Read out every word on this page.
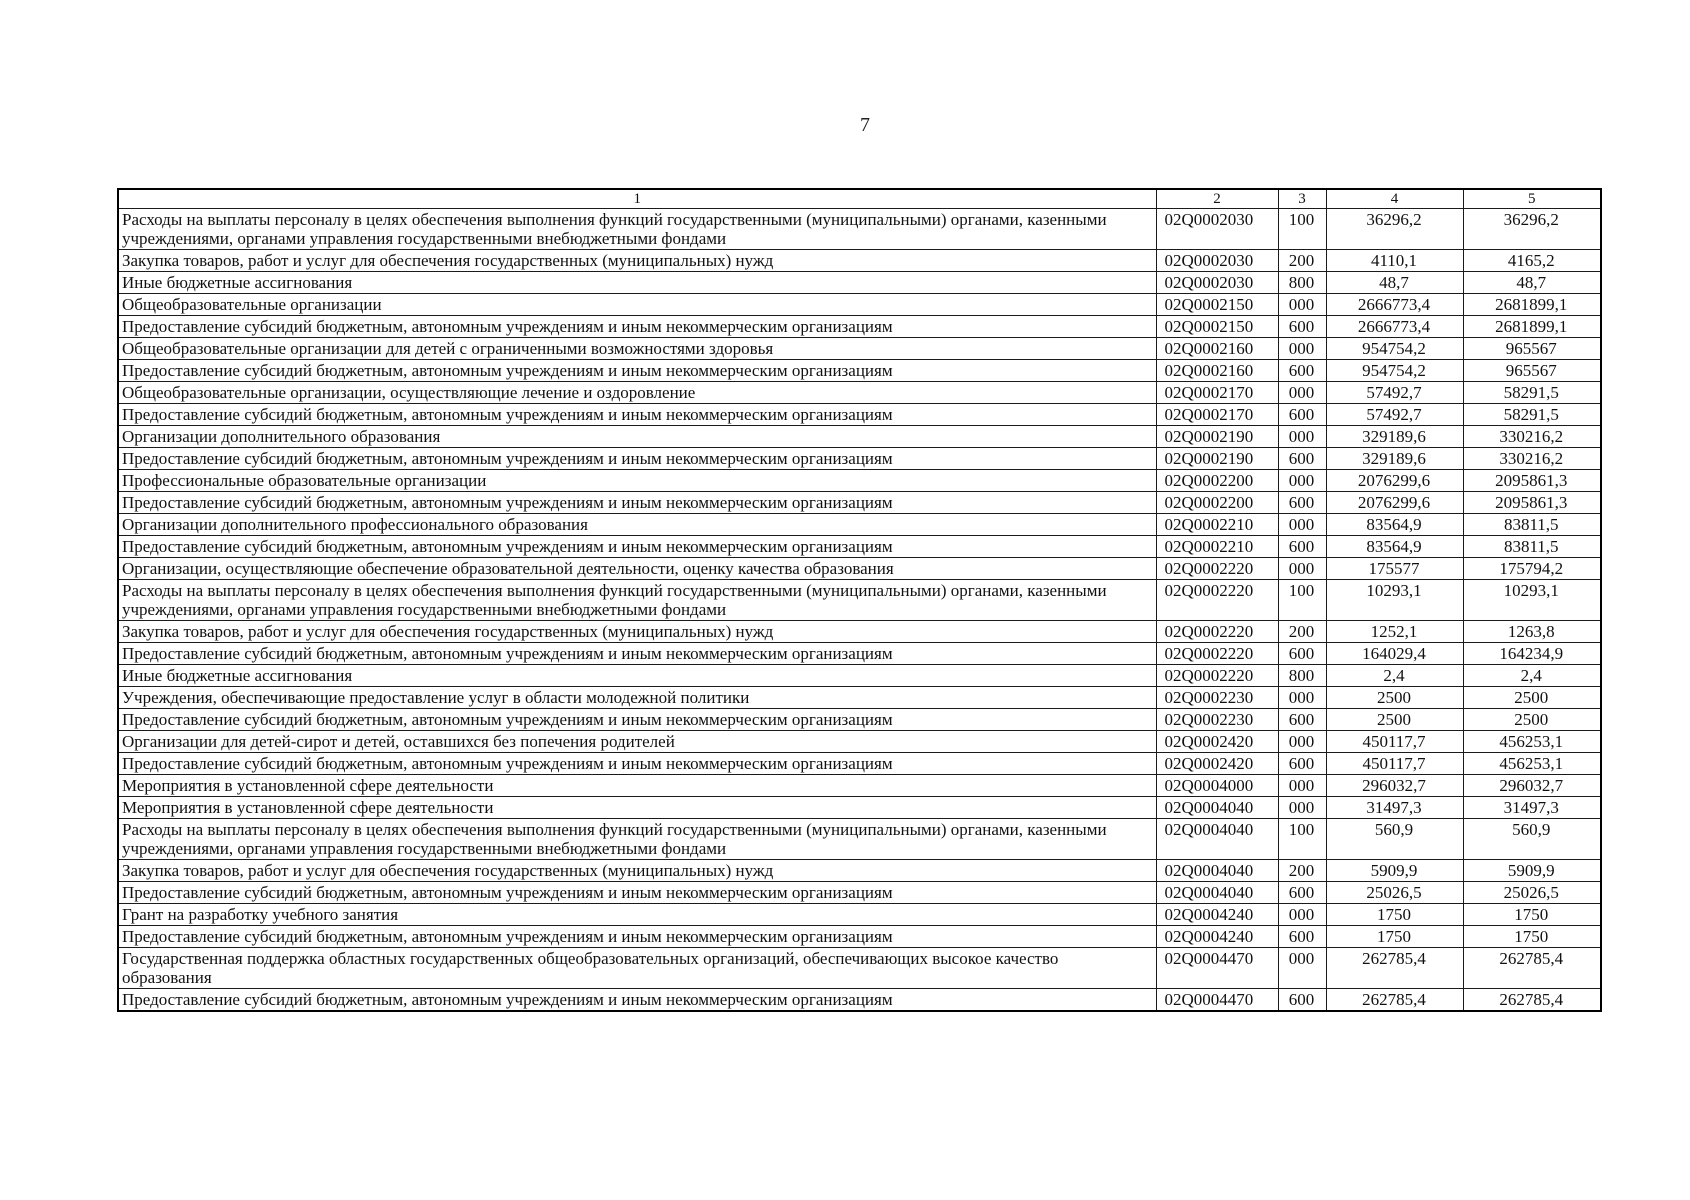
7
1	2	3	4	5
Расходы на выплаты персоналу в целях обеспечения выполнения функций государственными (муниципальными) органами, казенными учреждениями, органами управления государственными внебюджетными фондами	02Q0002030	100	36296,2	36296,2
Закупка товаров, работ и услуг для обеспечения государственных (муниципальных) нужд	02Q0002030	200	4110,1	4165,2
Иные бюджетные ассигнования	02Q0002030	800	48,7	48,7
Общеобразовательные организации	02Q0002150	000	2666773,4	2681899,1
Предоставление субсидий бюджетным, автономным учреждениям и иным некоммерческим организациям	02Q0002150	600	2666773,4	2681899,1
Общеобразовательные организации для детей с ограниченными возможностями здоровья	02Q0002160	000	954754,2	965567
Предоставление субсидий бюджетным, автономным учреждениям и иным некоммерческим организациям	02Q0002160	600	954754,2	965567
Общеобразовательные организации, осуществляющие лечение и оздоровление	02Q0002170	000	57492,7	58291,5
Предоставление субсидий бюджетным, автономным учреждениям и иным некоммерческим организациям	02Q0002170	600	57492,7	58291,5
Организации дополнительного образования	02Q0002190	000	329189,6	330216,2
Предоставление субсидий бюджетным, автономным учреждениям и иным некоммерческим организациям	02Q0002190	600	329189,6	330216,2
Профессиональные образовательные организации	02Q0002200	000	2076299,6	2095861,3
Предоставление субсидий бюджетным, автономным учреждениям и иным некоммерческим организациям	02Q0002200	600	2076299,6	2095861,3
Организации дополнительного профессионального образования	02Q0002210	000	83564,9	83811,5
Предоставление субсидий бюджетным, автономным учреждениям и иным некоммерческим организациям	02Q0002210	600	83564,9	83811,5
Организации, осуществляющие обеспечение образовательной деятельности, оценку качества образования	02Q0002220	000	175577	175794,2
Расходы на выплаты персоналу в целях обеспечения выполнения функций государственными (муниципальными) органами, казенными учреждениями, органами управления государственными внебюджетными фондами	02Q0002220	100	10293,1	10293,1
Закупка товаров, работ и услуг для обеспечения государственных (муниципальных) нужд	02Q0002220	200	1252,1	1263,8
Предоставление субсидий бюджетным, автономным учреждениям и иным некоммерческим организациям	02Q0002220	600	164029,4	164234,9
Иные бюджетные ассигнования	02Q0002220	800	2,4	2,4
Учреждения, обеспечивающие предоставление услуг в области молодежной политики	02Q0002230	000	2500	2500
Предоставление субсидий бюджетным, автономным учреждениям и иным некоммерческим организациям	02Q0002230	600	2500	2500
Организации для детей-сирот и детей, оставшихся без попечения родителей	02Q0002420	000	450117,7	456253,1
Предоставление субсидий бюджетным, автономным учреждениям и иным некоммерческим организациям	02Q0002420	600	450117,7	456253,1
Мероприятия в установленной сфере деятельности	02Q0004000	000	296032,7	296032,7
Мероприятия в установленной сфере деятельности	02Q0004040	000	31497,3	31497,3
Расходы на выплаты персоналу в целях обеспечения выполнения функций государственными (муниципальными) органами, казенными учреждениями, органами управления государственными внебюджетными фондами	02Q0004040	100	560,9	560,9
Закупка товаров, работ и услуг для обеспечения государственных (муниципальных) нужд	02Q0004040	200	5909,9	5909,9
Предоставление субсидий бюджетным, автономным учреждениям и иным некоммерческим организациям	02Q0004040	600	25026,5	25026,5
Грант на разработку учебного занятия	02Q0004240	000	1750	1750
Предоставление субсидий бюджетным, автономным учреждениям и иным некоммерческим организациям	02Q0004240	600	1750	1750
Государственная поддержка областных государственных общеобразовательных организаций, обеспечивающих высокое качество образования	02Q0004470	000	262785,4	262785,4
Предоставление субсидий бюджетным, автономным учреждениям и иным некоммерческим организациям	02Q0004470	600	262785,4	262785,4
